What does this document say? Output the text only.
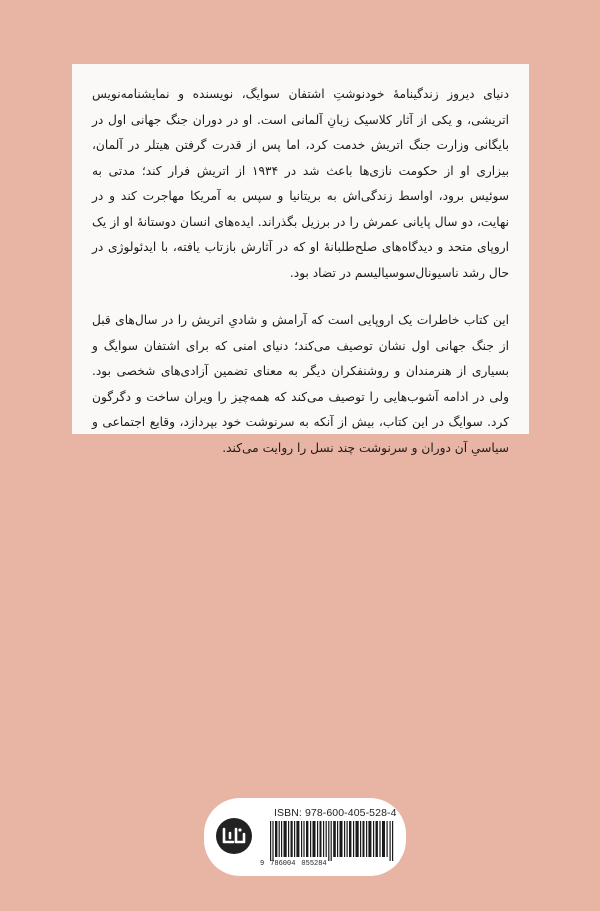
دنیای دیروز زندگینامهٔ خودنوشتِ اشتفان سوایگ، نویسنده و نمایشنامه‌نویس اتریشی، و یکی از آثار کلاسیک زبانِ آلمانی است. او در دوران جنگ جهانی اول در بایگانی وزارت جنگ اتریش خدمت کرد، اما پس از قدرت گرفتن هیتلر در آلمان، بیزاری او از حکومت نازی‌ها باعث شد در ۱۹۳۴ از اتریش فرار کند؛ مدتی به سوئیس برود، اواسط زندگی‌اش به بریتانیا و سپس به آمریکا مهاجرت کند و در نهایت، دو سال پایانی عمرش را در برزیل بگذراند. ایده‌های انسان دوستانهٔ او از یک اروپای متحد و دیدگاه‌های صلح‌طلبانهٔ او که در آثارش بازتاب یافته، با ایدئولوژی در حال رشد ناسیونال‌سوسیالیسم در تضاد بود.

این کتاب خاطرات یک اروپایی است که آرامش و شادیِ اتریش را در سال‌های قبل از جنگ جهانی اول نشان توصیف می‌کند؛ دنیای امنی که برای اشتفان سوایگ و بسیاری از هنرمندان و روشنفکران دیگر به معنای تضمین آزادی‌های شخصی بود. ولی در ادامه آشوب‌هایی را توصیف می‌کند که همه‌چیز را ویران ساخت و دگرگون کرد. سوایگ در این کتاب، بیش از آنکه به سرنوشت خود بپردازد، وقایع اجتماعی و سیاسیِ آن دوران و سرنوشت چند نسل را روایت می‌کند.

ISBN: 978-600-405-528-4
9 786004 055284
